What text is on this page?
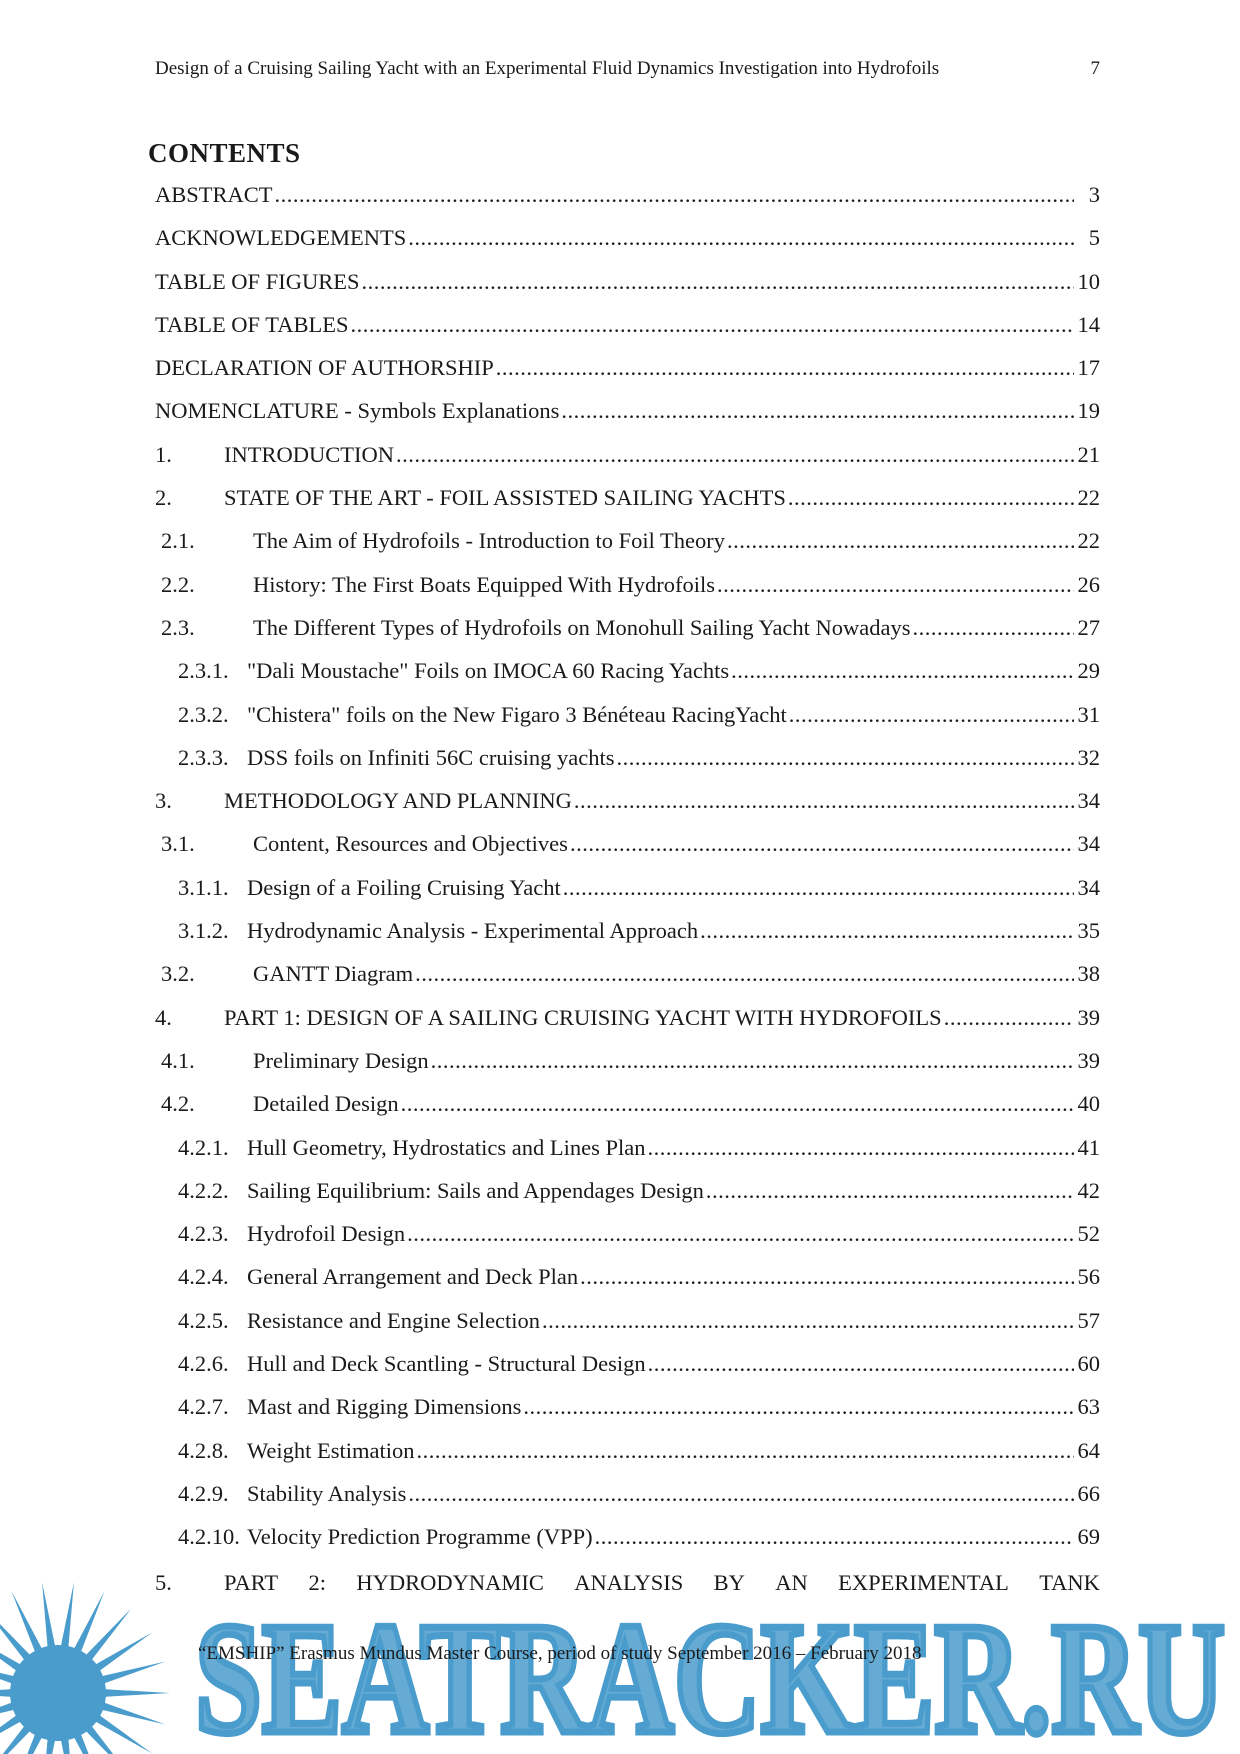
Design of a Cruising Sailing Yacht with an Experimental Fluid Dynamics Investigation into Hydrofoils	7
CONTENTS
ABSTRACT .....	3
ACKNOWLEDGEMENTS .....	5
TABLE OF FIGURES .....	10
TABLE OF TABLES .....	14
DECLARATION OF AUTHORSHIP .....	17
NOMENCLATURE - Symbols Explanations .....	19
1.	INTRODUCTION .....	21
2.	STATE OF THE ART - FOIL ASSISTED SAILING YACHTS .....	22
2.1.	The Aim of Hydrofoils - Introduction to Foil Theory .....	22
2.2.	History: The First Boats Equipped With Hydrofoils .....	26
2.3.	The Different Types of Hydrofoils on Monohull Sailing Yacht Nowadays .....	27
2.3.1. "Dali Moustache" Foils on IMOCA 60 Racing Yachts .....	29
2.3.2. "Chistera" foils on the New Figaro 3 Bénéteau RacingYacht .....	31
2.3.3. DSS foils on Infiniti 56C cruising yachts .....	32
3.	METHODOLOGY AND PLANNING .....	34
3.1.	Content, Resources and Objectives .....	34
3.1.1. Design of a Foiling Cruising Yacht .....	34
3.1.2. Hydrodynamic Analysis - Experimental Approach .....	35
3.2.	GANTT Diagram .....	38
4.	PART 1: DESIGN OF A SAILING CRUISING YACHT WITH HYDROFOILS .....	39
4.1.	Preliminary Design .....	39
4.2.	Detailed Design .....	40
4.2.1. Hull Geometry, Hydrostatics and Lines Plan .....	41
4.2.2. Sailing Equilibrium: Sails and Appendages Design .....	42
4.2.3. Hydrofoil Design .....	52
4.2.4. General Arrangement and Deck Plan .....	56
4.2.5. Resistance and Engine Selection .....	57
4.2.6. Hull and Deck Scantling - Structural Design .....	60
4.2.7. Mast and Rigging Dimensions .....	63
4.2.8. Weight Estimation .....	64
4.2.9. Stability Analysis .....	66
4.2.10. Velocity Prediction Programme (VPP) .....	69
5.	PART 2: HYDRODYNAMIC ANALYSIS BY AN EXPERIMENTAL TANK
SEATRACKER.RU
“EMSHIP” Erasmus Mundus Master Course, period of study September 2016 – February 2018
